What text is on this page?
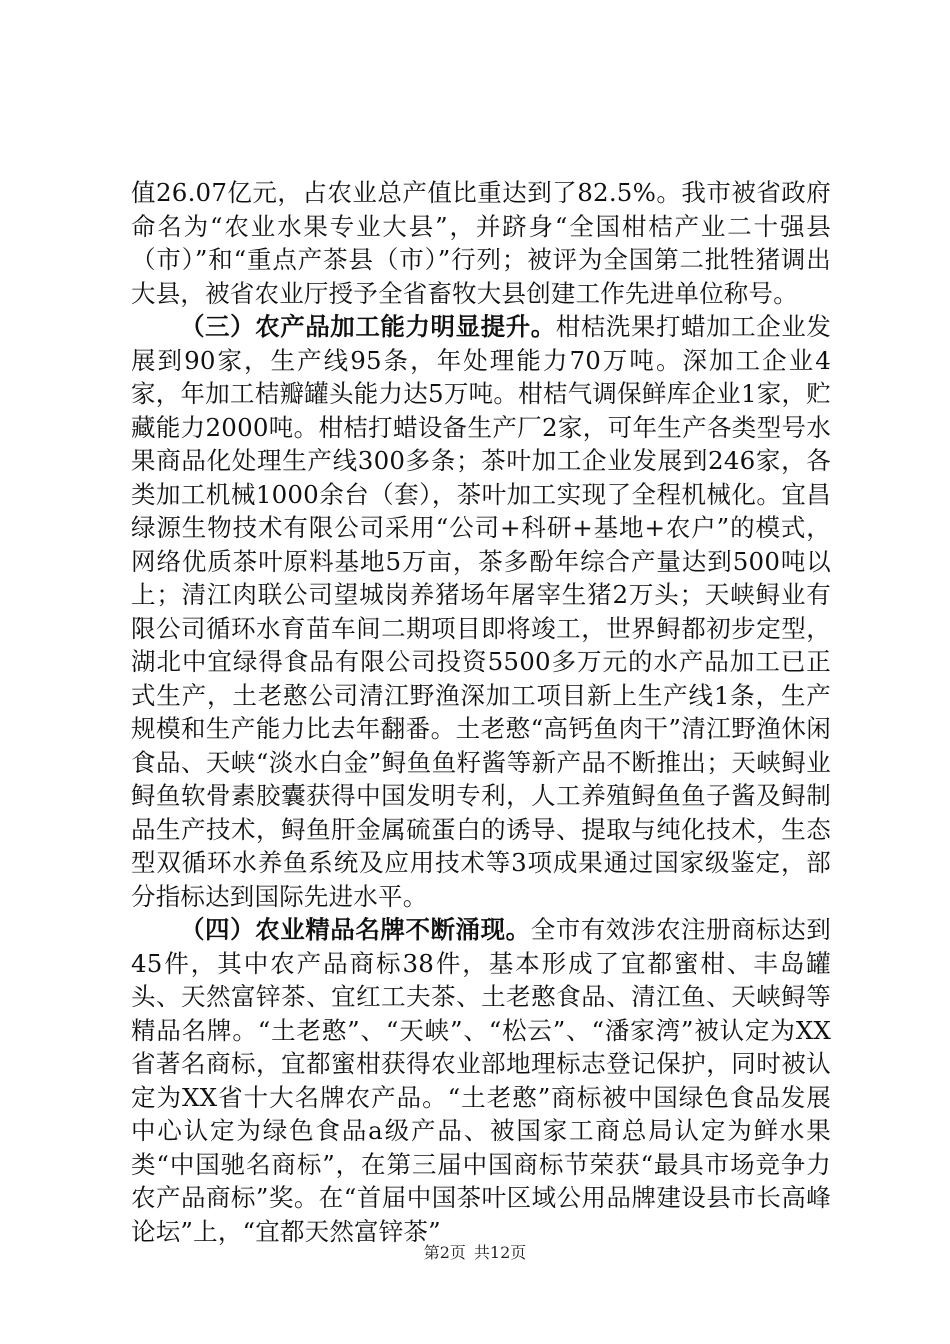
值26.07亿元，占农业总产值比重达到了82.5%。我市被省政府命名为“农业水果专业大县”，并跻身“全国柑桔产业二十强县（市）”和“重点产茶县（市）”行列；被评为全国第二批牲猪调出大县，被省农业厅授予全省畜牧大县创建工作先进单位称号。

（三）农产品加工能力明显提升。柑桔洗果打蜡加工企业发展到90家，生产线95条，年处理能力70万吨。深加工企业4家，年加工桔瓣罐头能力达5万吨。柑桔气调保鲜库企业1家，贮藏能力2000吨。柑桔打蜡设备生产厂2家，可年生产各类型号水果商品化处理生产线300多条；茶叶加工企业发展到246家，各类加工机械1000余台（套），茶叶加工实现了全程机械化。宜昌绿源生物技术有限公司采用“公司+科研+基地+农户”的模式，网络优质茶叶原料基地5万亩，茶多酚年综合产量达到500吨以上；清江肉联公司望城岗养猪场年屠宰生猪2万头；天峡鲟业有限公司循环水育苗车间二期项目即将竣工，世界鲟都初步定型，湖北中宜绿得食品有限公司投资5500多万元的水产品加工已正式生产，土老憨公司清江野渔深加工项目新上生产线1条，生产规模和生产能力比去年翻番。土老憨“高钙鱼肉干”清江野渔休闲食品、天峡“淡水白金”鲟鱼鱼籽酱等新产品不断推出；天峡鲟业鲟鱼软骨素胶囊获得中国发明专利，人工养殖鲟鱼鱼子酱及鲟制品生产技术，鲟鱼肝金属硫蛋白的诱导、提取与纯化技术，生态型双循环水养鱼系统及应用技术等3项成果通过国家级鉴定，部分指标达到国际先进水平。

（四）农业精品名牌不断涌现。全市有效涉农注册商标达到45件，其中农产品商标38件，基本形成了宜都蜜柑、丰岛罐头、天然富锌茶、宜红工夫茶、土老憨食品、清江鱼、天峡鲟等精品名牌。“土老憨”、“天峡”、“松云”、“潘家湾”被认定为XX省著名商标，宜都蜜柑获得农业部地理标志登记保护，同时被认定为XX省十大名牌农产品。“土老憨”商标被中国绿色食品发展中心认定为绿色食品a级产品、被国家工商总局认定为鲜水果类“中国驰名商标”，在第三届中国商标节荣获“最具市场竞争力农产品商标”奖。在“首届中国茶叶区域公用品牌建设县市长高峰论坛”上，“宜都天然富锌茶”

第2页 共12页
